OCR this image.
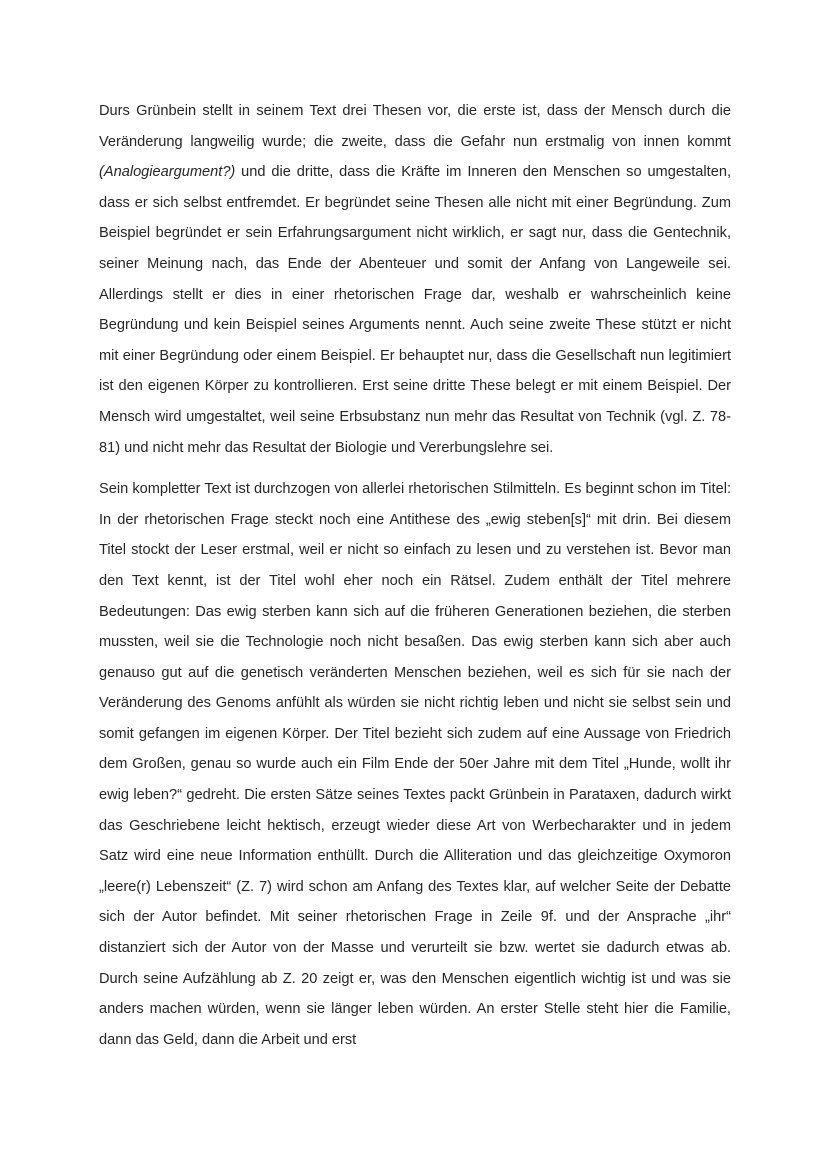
Durs Grünbein stellt in seinem Text drei Thesen vor, die erste ist, dass der Mensch durch die Veränderung langweilig wurde; die zweite, dass die Gefahr nun erstmalig von innen kommt (Analogieargument?) und die dritte, dass die Kräfte im Inneren den Menschen so umgestalten, dass er sich selbst entfremdet. Er begründet seine Thesen alle nicht mit einer Begründung. Zum Beispiel begründet er sein Erfahrungsargument nicht wirklich, er sagt nur, dass die Gentechnik, seiner Meinung nach, das Ende der Abenteuer und somit der Anfang von Langeweile sei. Allerdings stellt er dies in einer rhetorischen Frage dar, weshalb er wahrscheinlich keine Begründung und kein Beispiel seines Arguments nennt. Auch seine zweite These stützt er nicht mit einer Begründung oder einem Beispiel. Er behauptet nur, dass die Gesellschaft nun legitimiert ist den eigenen Körper zu kontrollieren. Erst seine dritte These belegt er mit einem Beispiel. Der Mensch wird umgestaltet, weil seine Erbsubstanz nun mehr das Resultat von Technik (vgl. Z. 78-81) und nicht mehr das Resultat der Biologie und Vererbungslehre sei.

Sein kompletter Text ist durchzogen von allerlei rhetorischen Stilmitteln. Es beginnt schon im Titel: In der rhetorischen Frage steckt noch eine Antithese des „ewig steben[s]“ mit drin. Bei diesem Titel stockt der Leser erstmal, weil er nicht so einfach zu lesen und zu verstehen ist. Bevor man den Text kennt, ist der Titel wohl eher noch ein Rätsel. Zudem enthält der Titel mehrere Bedeutungen: Das ewig sterben kann sich auf die früheren Generationen beziehen, die sterben mussten, weil sie die Technologie noch nicht besaßen. Das ewig sterben kann sich aber auch genauso gut auf die genetisch veränderten Menschen beziehen, weil es sich für sie nach der Veränderung des Genoms anfühlt als würden sie nicht richtig leben und nicht sie selbst sein und somit gefangen im eigenen Körper. Der Titel bezieht sich zudem auf eine Aussage von Friedrich dem Großen, genau so wurde auch ein Film Ende der 50er Jahre mit dem Titel „Hunde, wollt ihr ewig leben?“ gedreht. Die ersten Sätze seines Textes packt Grünbein in Parataxen, dadurch wirkt das Geschriebene leicht hektisch, erzeugt wieder diese Art von Werbecharakter und in jedem Satz wird eine neue Information enthüllt. Durch die Alliteration und das gleichzeitige Oxymoron „leere(r) Lebenszeit“ (Z. 7) wird schon am Anfang des Textes klar, auf welcher Seite der Debatte sich der Autor befindet. Mit seiner rhetorischen Frage in Zeile 9f. und der Ansprache „ihr“ distanziert sich der Autor von der Masse und verurteilt sie bzw. wertet sie dadurch etwas ab. Durch seine Aufzählung ab Z. 20 zeigt er, was den Menschen eigentlich wichtig ist und was sie anders machen würden, wenn sie länger leben würden. An erster Stelle steht hier die Familie, dann das Geld, dann die Arbeit und erst
